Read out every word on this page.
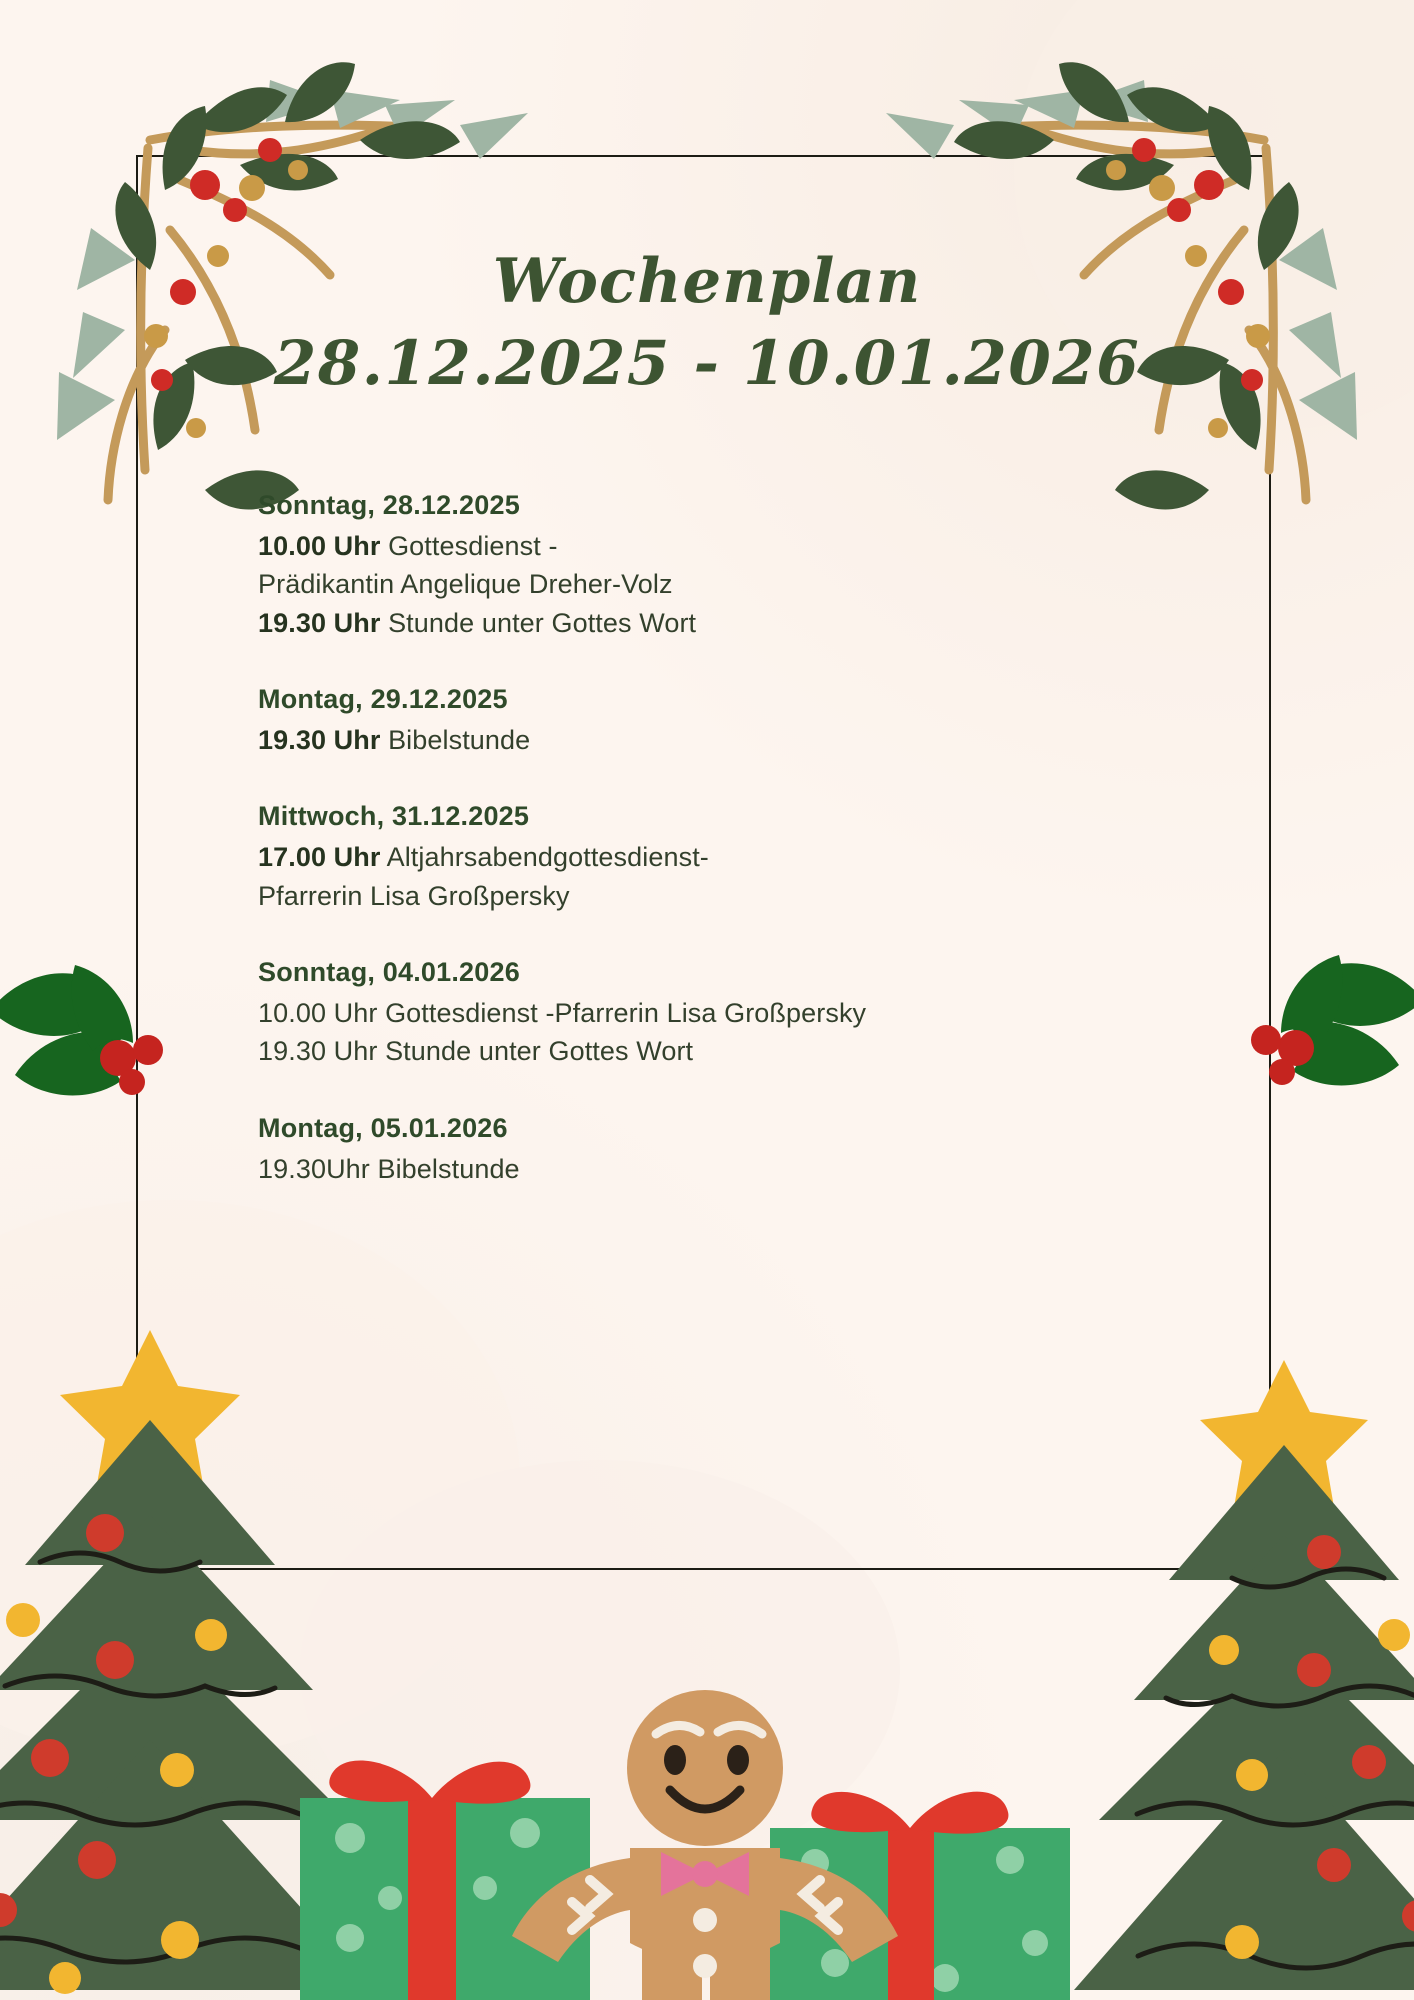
Wochenplan
28.12.2025 - 10.01.2026
Sonntag, 28.12.2025
10.00 Uhr Gottesdienst -
Prädikantin Angelique Dreher-Volz
19.30 Uhr Stunde unter Gottes Wort
Montag, 29.12.2025
19.30 Uhr Bibelstunde
Mittwoch, 31.12.2025
17.00 Uhr Altjahrsabendgottesdienst-
Pfarrerin Lisa Großpersky
Sonntag, 04.01.2026
10.00 Uhr Gottesdienst -Pfarrerin Lisa Großpersky
19.30 Uhr Stunde unter Gottes Wort
Montag, 05.01.2026
19.30Uhr Bibelstunde
